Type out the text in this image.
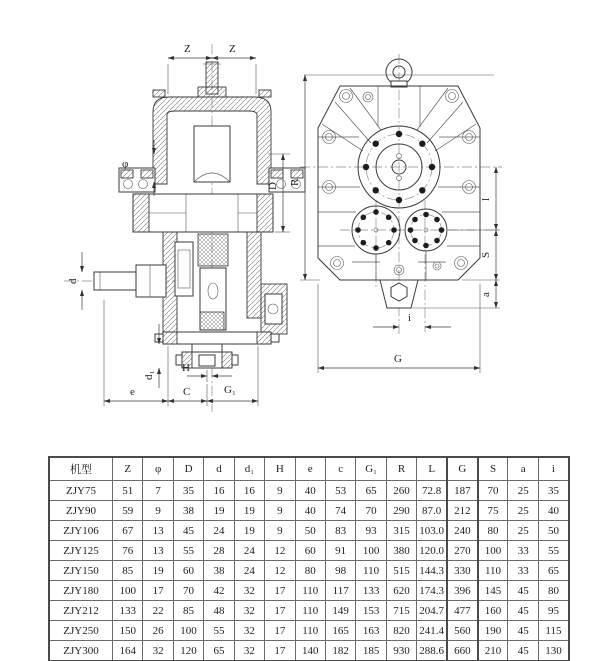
Z	Z
φ
D
d
d₁
H
e	C	G₁
R
l
S
a
i
G
机型	Z	φ	D	d	d₁	H	e	c	G₁	R	L	G	S	a	i
ZJY75	51	7	35	16	16	9	40	53	65	260	72.8	187	70	25	35
ZJY90	59	9	38	19	19	9	40	74	70	290	87.0	212	75	25	40
ZJY106	67	13	45	24	19	9	50	83	93	315	103.0	240	80	25	50
ZJY125	76	13	55	28	24	12	60	91	100	380	120.0	270	100	33	55
ZJY150	85	19	60	38	24	12	80	98	110	515	144.3	330	110	33	65
ZJY180	100	17	70	42	32	17	110	117	133	620	174.3	396	145	45	80
ZJY212	133	22	85	48	32	17	110	149	153	715	204.7	477	160	45	95
ZJY250	150	26	100	55	32	17	110	165	163	820	241.4	560	190	45	115
ZJY300	164	32	120	65	32	17	140	182	185	930	288.6	660	210	45	130
